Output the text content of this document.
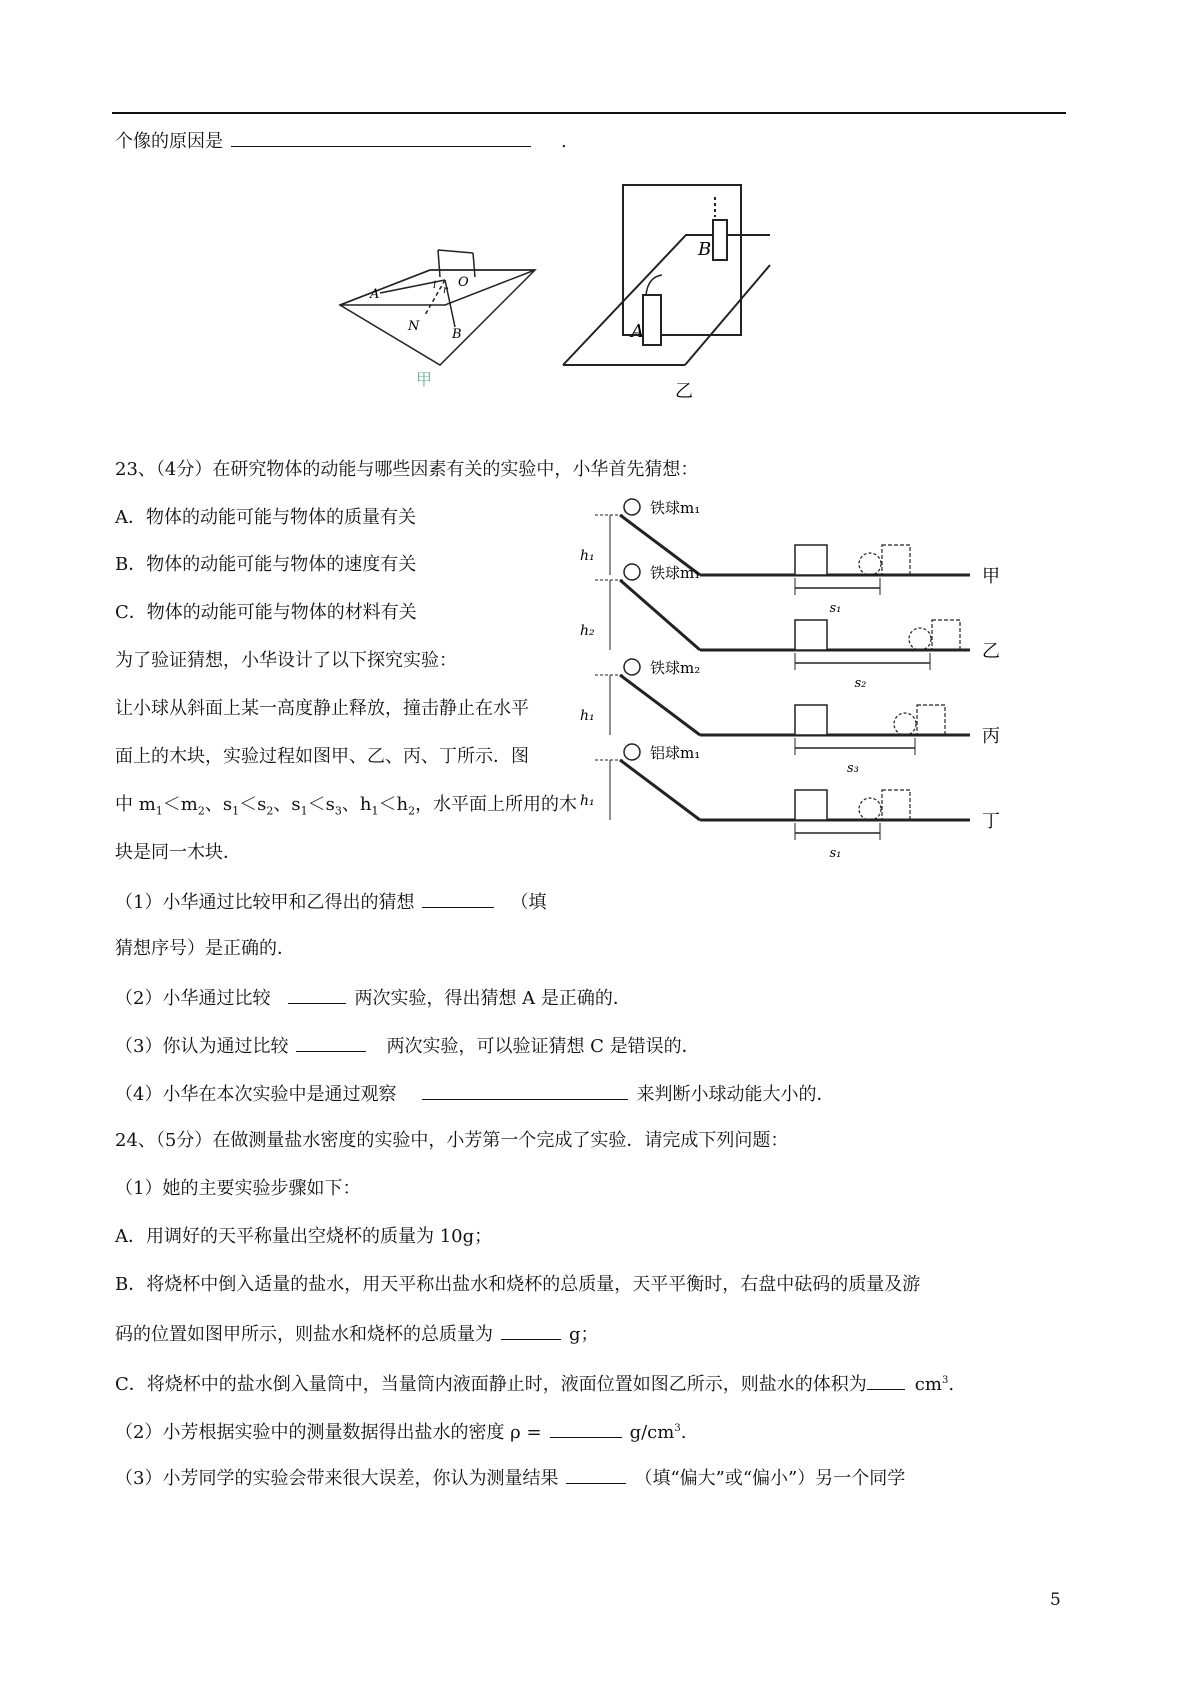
个像的原因是	.
A
O
N
B
i r
甲
A
B
乙
23、（4分）在研究物体的动能与哪些因素有关的实验中，小华首先猜想：
A．物体的动能可能与物体的质量有关
B．物体的动能可能与物体的速度有关
C．物体的动能可能与物体的材料有关
为了验证猜想，小华设计了以下探究实验：
让小球从斜面上某一高度静止释放，撞击静止在水平
面上的木块，实验过程如图甲、乙、丙、丁所示．图
中 $m_1<m_2$、$s_1<s_2$、$s_1<s_3$、$h_1<h_2$，水平面上所用的木
块是同一木块．
（1）小华通过比较甲和乙得出的猜想	（填
猜想序号）是正确的．
（2）小华通过比较	两次实验，得出猜想 A 是正确的．
（3）你认为通过比较	两次实验，可以验证猜想 C 是错误的．
（4）小华在本次实验中是通过观察	来判断小球动能大小的．
铁球m₁
h₁
s₁
甲
铁球m₁
h₂
s₂
乙
铁球m₂
h₁
s₃
丙
铝球m₁
h₁
s₁
丁
24、（5分）在做测量盐水密度的实验中，小芳第一个完成了实验．请完成下列问题：
（1）她的主要实验步骤如下：
A．用调好的天平称量出空烧杯的质量为 10g；
B．将烧杯中倒入适量的盐水，用天平称出盐水和烧杯的总质量，天平平衡时，右盘中砝码的质量及游
码的位置如图甲所示，则盐水和烧杯的总质量为	g；
C．将烧杯中的盐水倒入量筒中，当量筒内液面静止时，液面位置如图乙所示，则盐水的体积为	$cm^3$.
（2）小芳根据实验中的测量数据得出盐水的密度 ρ =	$g/cm^3$.
（3）小芳同学的实验会带来很大误差，你认为测量结果	（填“偏大”或“偏小”）另一个同学
5
